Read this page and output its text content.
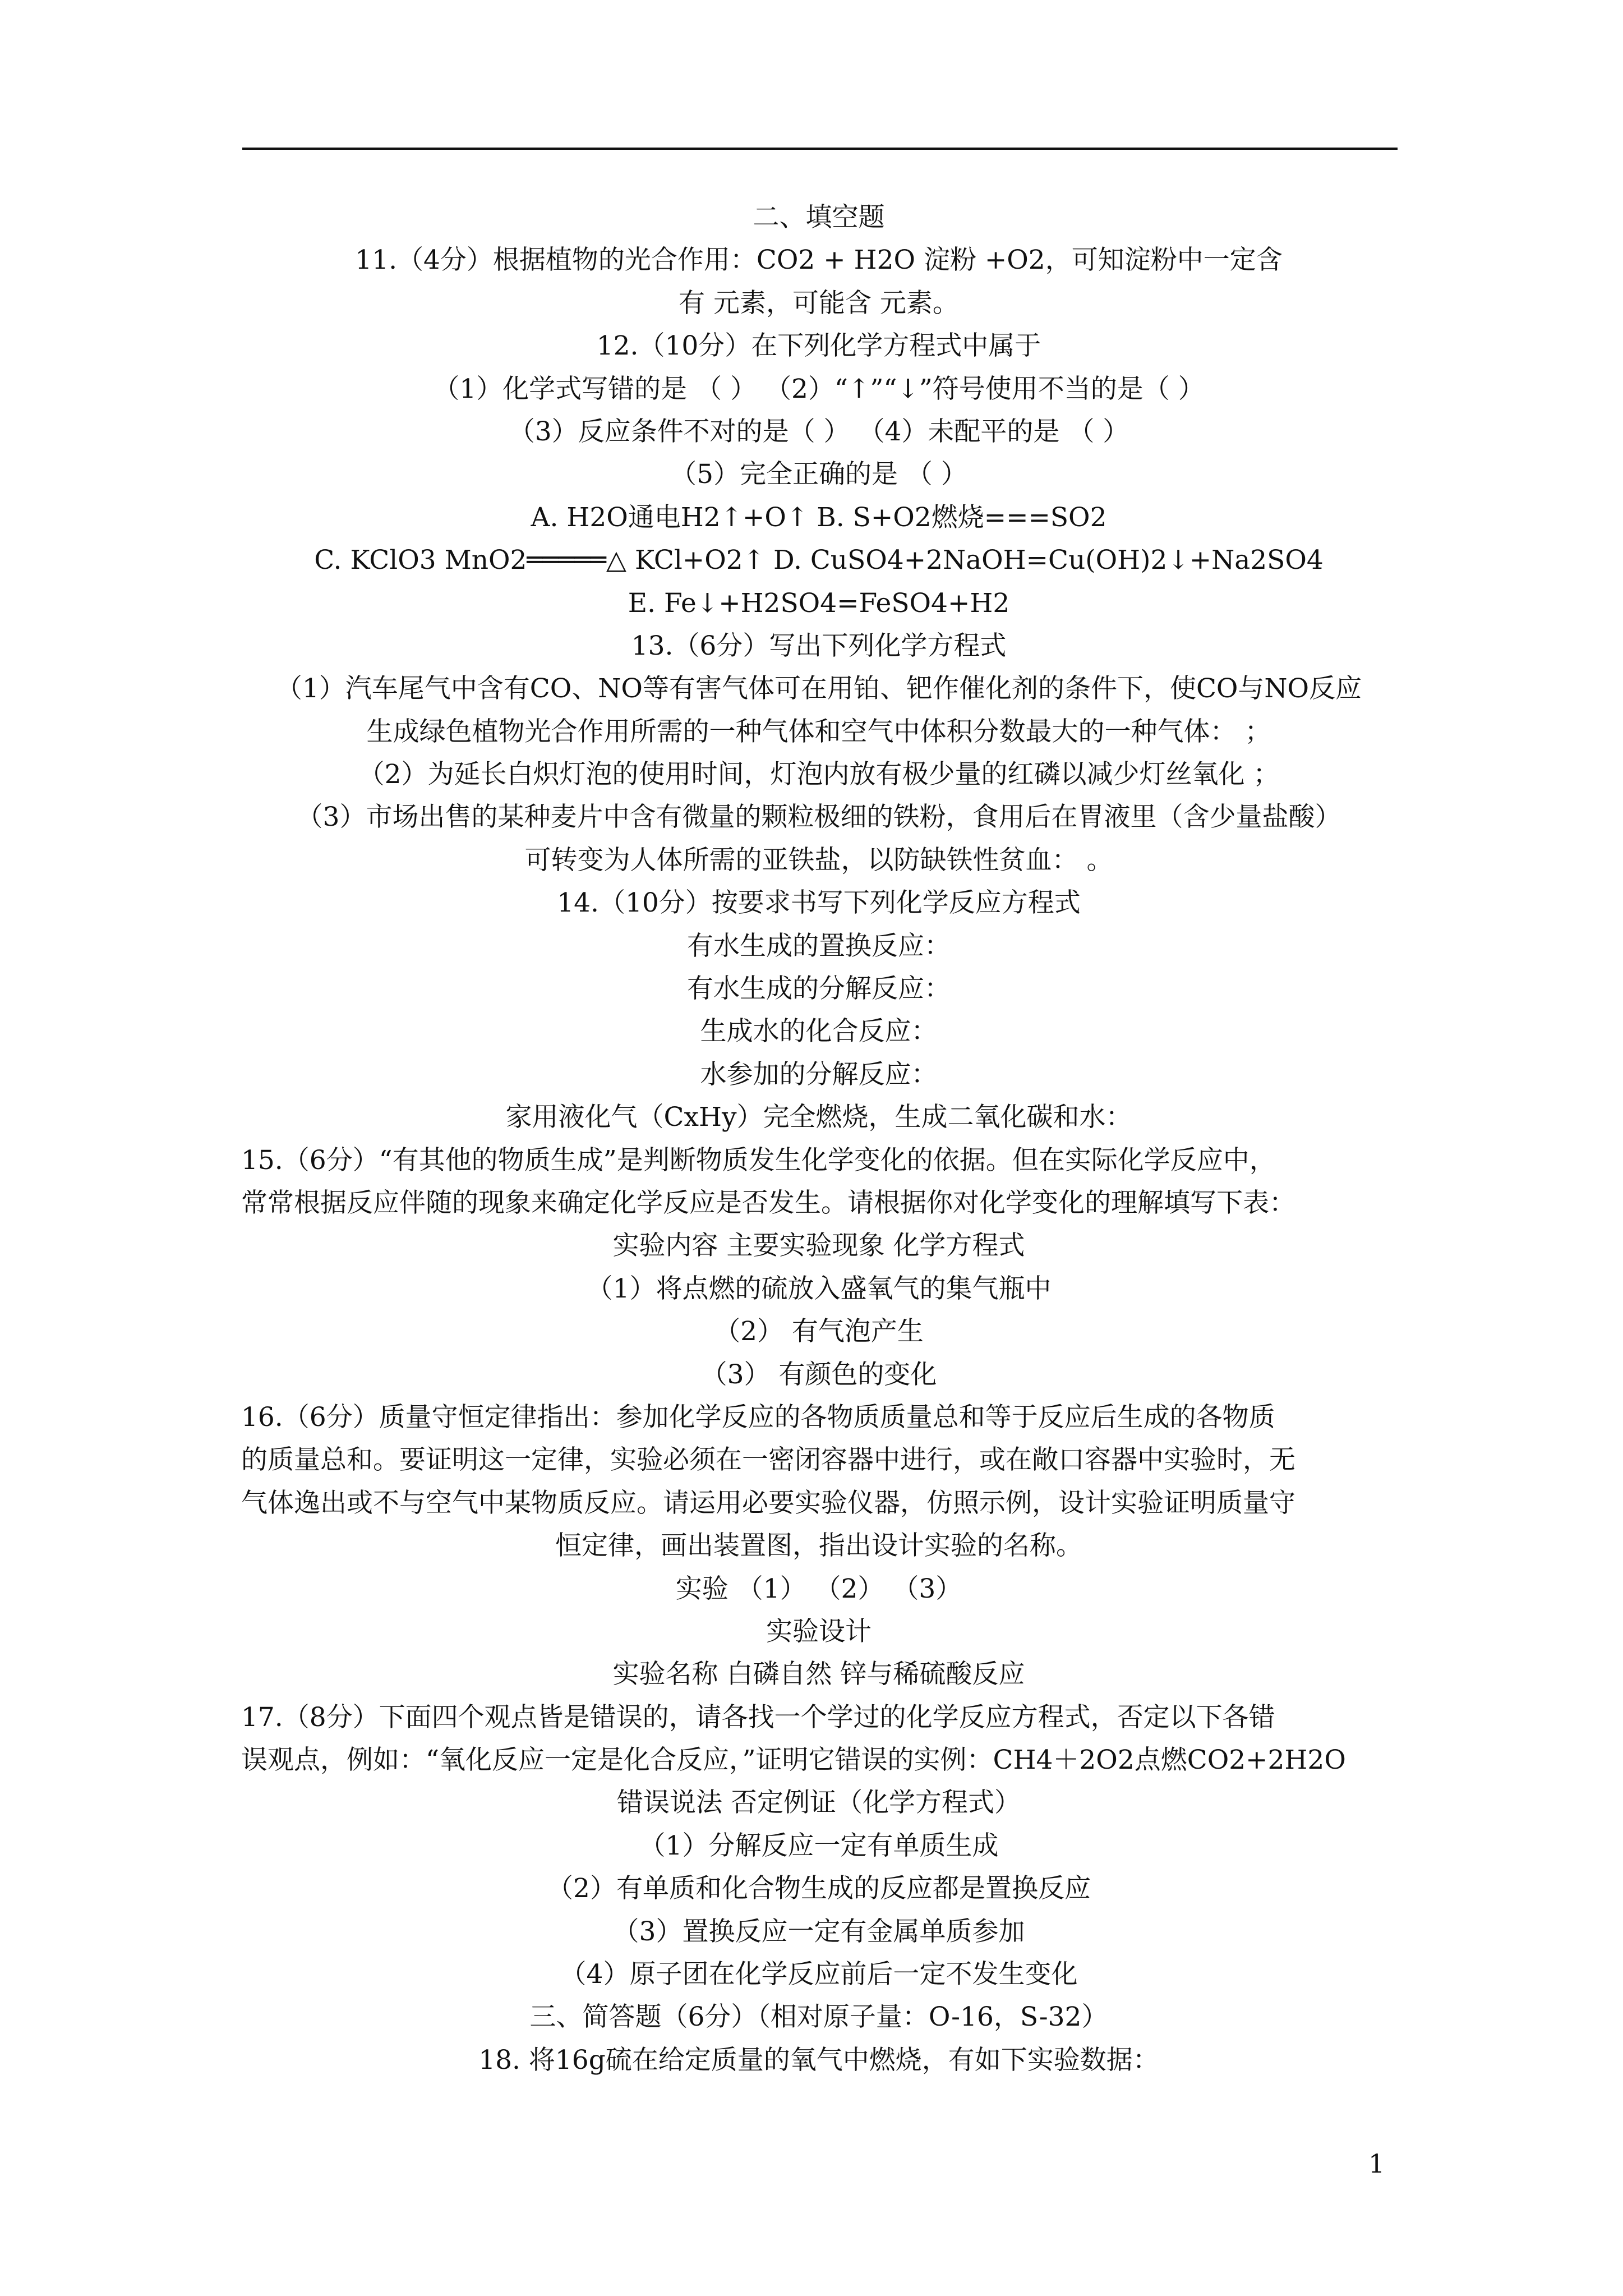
二、填空题
11.（4分）根据植物的光合作用：CO2 + H2O 淀粉 +O2，可知淀粉中一定含
有 元素，可能含 元素。
12.（10分）在下列化学方程式中属于
（1）化学式写错的是 （ ） （2）“↑”“↓”符号使用不当的是（ ）
（3）反应条件不对的是（ ） （4）未配平的是 （ ）
（5）完全正确的是 （ ）
A. H2O通电H2↑+O↑ B. S+O2燃烧===SO2
C. KClO3 MnO2═════△ KCl+O2↑ D. CuSO4+2NaOH=Cu(OH)2↓+Na2SO4
E. Fe↓+H2SO4=FeSO4+H2
13.（6分）写出下列化学方程式
（1）汽车尾气中含有CO、NO等有害气体可在用铂、钯作催化剂的条件下，使CO与NO反应
生成绿色植物光合作用所需的一种气体和空气中体积分数最大的一种气体： ；
（2）为延长白炽灯泡的使用时间，灯泡内放有极少量的红磷以减少灯丝氧化 ；
（3）市场出售的某种麦片中含有微量的颗粒极细的铁粉，食用后在胃液里（含少量盐酸）
可转变为人体所需的亚铁盐，以防缺铁性贫血： 。
14.（10分）按要求书写下列化学反应方程式
有水生成的置换反应：
有水生成的分解反应：
生成水的化合反应：
水参加的分解反应：
家用液化气（CxHy）完全燃烧，生成二氧化碳和水：
15.（6分）“有其他的物质生成”是判断物质发生化学变化的依据。但在实际化学反应中，
常常根据反应伴随的现象来确定化学反应是否发生。请根据你对化学变化的理解填写下表：
实验内容 主要实验现象 化学方程式
（1）将点燃的硫放入盛氧气的集气瓶中
（2） 有气泡产生
（3） 有颜色的变化
16.（6分）质量守恒定律指出：参加化学反应的各物质质量总和等于反应后生成的各物质
的质量总和。要证明这一定律，实验必须在一密闭容器中进行，或在敞口容器中实验时，无
气体逸出或不与空气中某物质反应。请运用必要实验仪器，仿照示例，设计实验证明质量守
恒定律，画出装置图，指出设计实验的名称。
实验 （1） （2） （3）
实验设计
实验名称 白磷自然 锌与稀硫酸反应
17.（8分）下面四个观点皆是错误的，请各找一个学过的化学反应方程式，否定以下各错
误观点，例如：“氧化反应一定是化合反应，”证明它错误的实例：CH4＋2O2点燃CO2+2H2O
错误说法 否定例证（化学方程式）
（1）分解反应一定有单质生成
（2）有单质和化合物生成的反应都是置换反应
（3）置换反应一定有金属单质参加
（4）原子团在化学反应前后一定不发生变化
三、简答题（6分）（相对原子量：O-16，S-32）
18. 将16g硫在给定质量的氧气中燃烧，有如下实验数据：
1
